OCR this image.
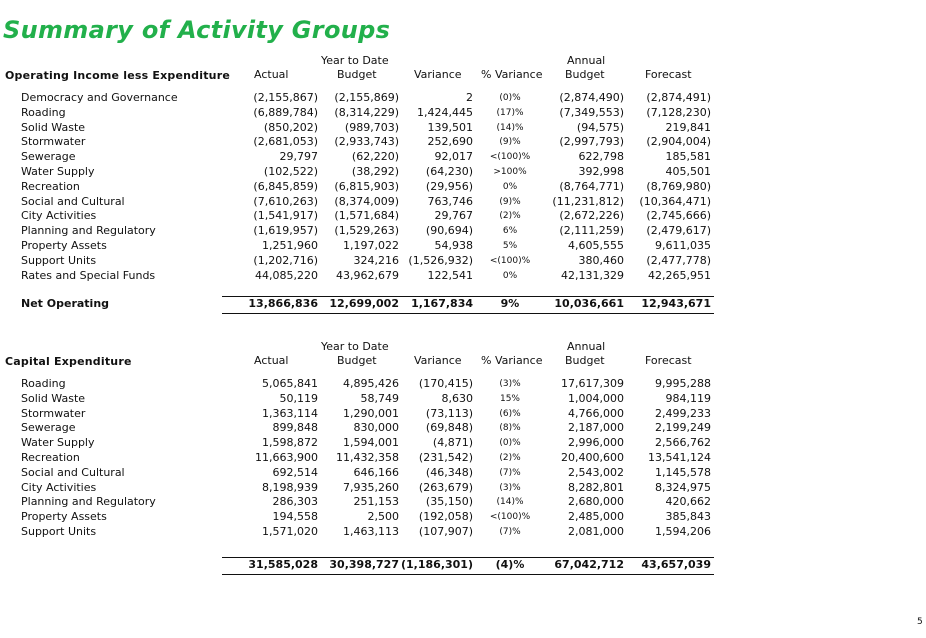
Summary of Activity Groups
Operating Income less Expenditure Actual
Year to Date
Budget	Variance % Variance
Annual
Budget	Forecast
Democracy and Governance	(2,155,867) (2,155,869)	2	(0)%	(2,874,490) (2,874,491)
Roading	(6,889,784) (8,314,229) 1,424,445	(17)%	(7,349,553) (7,128,230)
Solid Waste	(850,202) (989,703)	139,501	(14)%	(94,575)	219,841
Stormwater	(2,681,053) (2,933,743)	252,690	(9)%	(2,997,793) (2,904,004)
Sewerage	29,797	(62,220)	92,017	<(100)%	622,798	185,581
Water Supply	(102,522)	(38,292) (64,230)	>100%	392,998	405,501
Recreation	(6,845,859) (6,815,903) (29,956)	0%	(8,764,771) (8,769,980)
Social and Cultural	(7,610,263) (8,374,009)	763,746	(9)%	(11,231,812) (10,364,471)
City Activities	(1,541,917) (1,571,684)	29,767	(2)%	(2,672,226) (2,745,666)
Planning and Regulatory	(1,619,957) (1,529,263) (90,694)	6%	(2,111,259) (2,479,617)
Property Assets	1,251,960 1,197,022	54,938	5%	4,605,555	9,611,035
Support Units	(1,202,716)	324,216 (1,526,932)	<(100)%	380,460 (2,477,778)
Rates and Special Funds	44,085,220 43,962,679	122,541	0%	42,131,329 42,265,951
Net Operating	13,866,836 12,699,002 1,167,834	9%	10,036,661 12,943,671
Capital Expenditure	Actual
Year to Date
Budget	Variance % Variance
Annual
Budget	Forecast
Roading	5,065,841 4,895,426 (170,415)	(3)%	17,617,309	9,995,288
Solid Waste	50,119	58,749	8,630	15%	1,004,000	984,119
Stormwater	1,363,114 1,290,001 (73,113)	(6)%	4,766,000	2,499,233
Sewerage	899,848	830,000 (69,848)	(8)%	2,187,000	2,199,249
Water Supply	1,598,872 1,594,001	(4,871)	(0)%	2,996,000	2,566,762
Recreation	11,663,900 11,432,358 (231,542)	(2)%	20,400,600 13,541,124
Social and Cultural	692,514	646,166 (46,348)	(7)%	2,543,002	1,145,578
City Activities	8,198,939 7,935,260 (263,679)	(3)%	8,282,801	8,324,975
Planning and Regulatory	286,303	251,153 (35,150)	(14)%	2,680,000	420,662
Property Assets	194,558	2,500 (192,058)	<(100)%	2,485,000	385,843
Support Units	1,571,020 1,463,113 (107,907)	(7)%	2,081,000	1,594,206
31,585,028 30,398,727 (1,186,301)	(4)%	67,042,712 43,657,039
5
